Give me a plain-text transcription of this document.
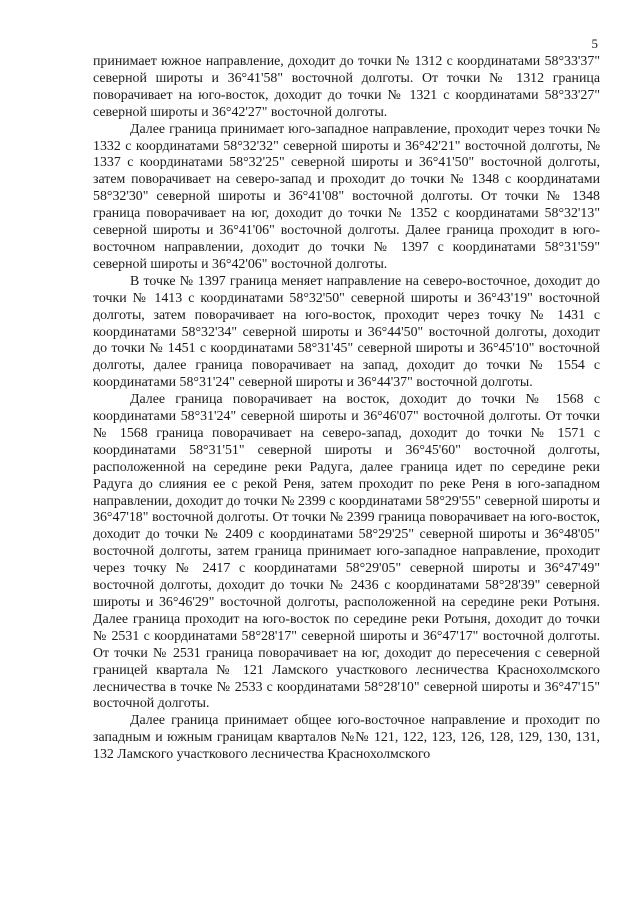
5

принимает южное направление, доходит до точки № 1312 с координатами 58°33'37" северной широты и 36°41'58" восточной долготы. От точки № 1312 граница поворачивает на юго-восток, доходит до точки № 1321 с координатами 58°33'27" северной широты и 36°42'27" восточной долготы.

Далее граница принимает юго-западное направление, проходит через точки № 1332 с координатами 58°32'32" северной широты и 36°42'21" восточной долготы, № 1337 с координатами 58°32'25" северной широты и 36°41'50" восточной долготы, затем поворачивает на северо-запад и проходит до точки № 1348 с координатами 58°32'30" северной широты и 36°41'08" восточной долготы. От точки № 1348 граница поворачивает на юг, доходит до точки № 1352 с координатами 58°32'13" северной широты и 36°41'06" восточной долготы. Далее граница проходит в юго-восточном направлении, доходит до точки № 1397 с координатами 58°31'59" северной широты и 36°42'06" восточной долготы.

В точке № 1397 граница меняет направление на северо-восточное, доходит до точки № 1413 с координатами 58°32'50" северной широты и 36°43'19" восточной долготы, затем поворачивает на юго-восток, проходит через точку № 1431 с координатами 58°32'34" северной широты и 36°44'50" восточной долготы, доходит до точки № 1451 с координатами 58°31'45" северной широты и 36°45'10" восточной долготы, далее граница поворачивает на запад, доходит до точки № 1554 с координатами 58°31'24" северной широты и 36°44'37" восточной долготы.

Далее граница поворачивает на восток, доходит до точки № 1568 с координатами 58°31'24" северной широты и 36°46'07" восточной долготы. От точки № 1568 граница поворачивает на северо-запад, доходит до точки № 1571 с координатами 58°31'51" северной широты и 36°45'60" восточной долготы, расположенной на середине реки Радуга, далее граница идет по середине реки Радуга до слияния ее с рекой Реня, затем проходит по реке Реня в юго-западном направлении, доходит до точки № 2399 с координатами 58°29'55" северной широты и 36°47'18" восточной долготы. От точки № 2399 граница поворачивает на юго-восток, доходит до точки № 2409 с координатами 58°29'25" северной широты и 36°48'05" восточной долготы, затем граница принимает юго-западное направление, проходит через точку № 2417 с координатами 58°29'05" северной широты и 36°47'49" восточной долготы, доходит до точки № 2436 с координатами 58°28'39" северной широты и 36°46'29" восточной долготы, расположенной на середине реки Ротыня. Далее граница проходит на юго-восток по середине реки Ротыня, доходит до точки № 2531 с координатами 58°28'17" северной широты и 36°47'17" восточной долготы. От точки № 2531 граница поворачивает на юг, доходит до пересечения с северной границей квартала № 121 Ламского участкового лесничества Краснохолмского лесничества в точке № 2533 с координатами 58°28'10" северной широты и 36°47'15" восточной долготы.

Далее граница принимает общее юго-восточное направление и проходит по западным и южным границам кварталов №№ 121, 122, 123, 126, 128, 129, 130, 131, 132 Ламского участкового лесничества Краснохолмского
